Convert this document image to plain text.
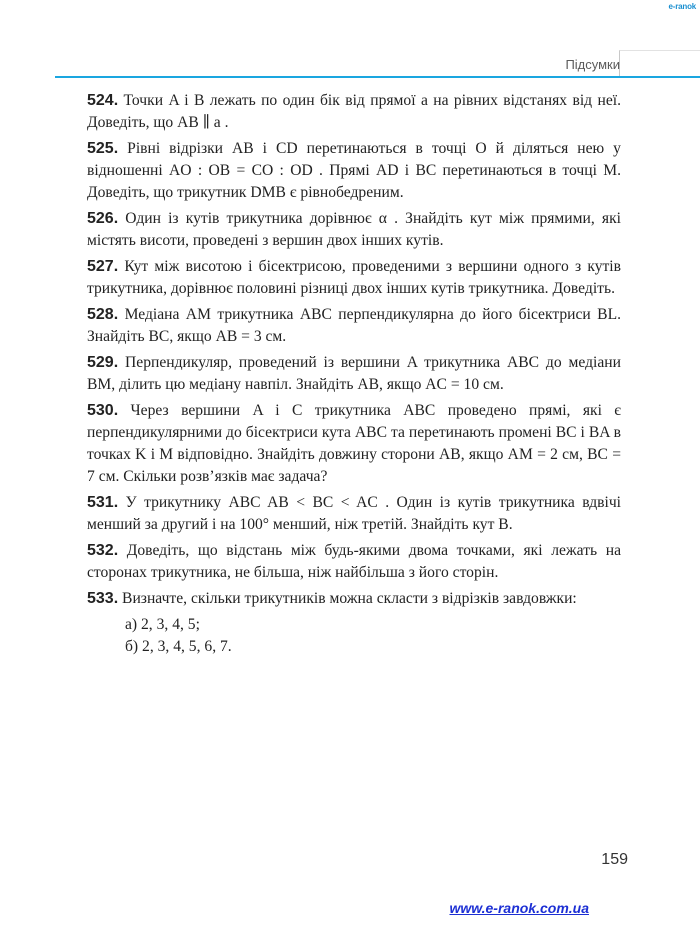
e-ranok
Підсумки

524. Точки A і B лежать по один бік від прямої a на рівних відстанях від неї. Доведіть, що AB ∥ a .

525. Рівні відрізки AB і CD перетинаються в точці O й діляться нею у відношенні AO : OB = CO : OD . Прямі AD і BC перетинаються в точці M. Доведіть, що трикутник DMB є рівнобедреним.

526. Один із кутів трикутника дорівнює α . Знайдіть кут між прямими, які містять висоти, проведені з вершин двох інших кутів.

527. Кут між висотою і бісектрисою, проведеними з вершини одного з кутів трикутника, дорівнює половині різниці двох інших кутів трикутника. Доведіть.

528. Медіана AM трикутника ABC перпендикулярна до його бісектриси BL. Знайдіть BC, якщо AB = 3 см.

529. Перпендикуляр, проведений із вершини A трикутника ABC до медіани BM, ділить цю медіану навпіл. Знайдіть AB, якщо AC = 10 см.

530. Через вершини A і C трикутника ABC проведено прямі, які є перпендикулярними до бісектриси кута ABC та перетинають промені BC і BA в точках K і M відповідно. Знайдіть довжину сторони AB, якщо AM = 2 см, BC = 7 см. Скільки розв’язків має задача?

531. У трикутнику ABC AB < BC < AC . Один із кутів трикутника вдвічі менший за другий і на 100° менший, ніж третій. Знайдіть кут B.

532. Доведіть, що відстань між будь-якими двома точками, які лежать на сторонах трикутника, не більша, ніж найбільша з його сторін.

533. Визначте, скільки трикутників можна скласти з відрізків завдовжки:

а) 2, 3, 4, 5;
б) 2, 3, 4, 5, 6, 7.
159
www.e-ranok.com.ua
